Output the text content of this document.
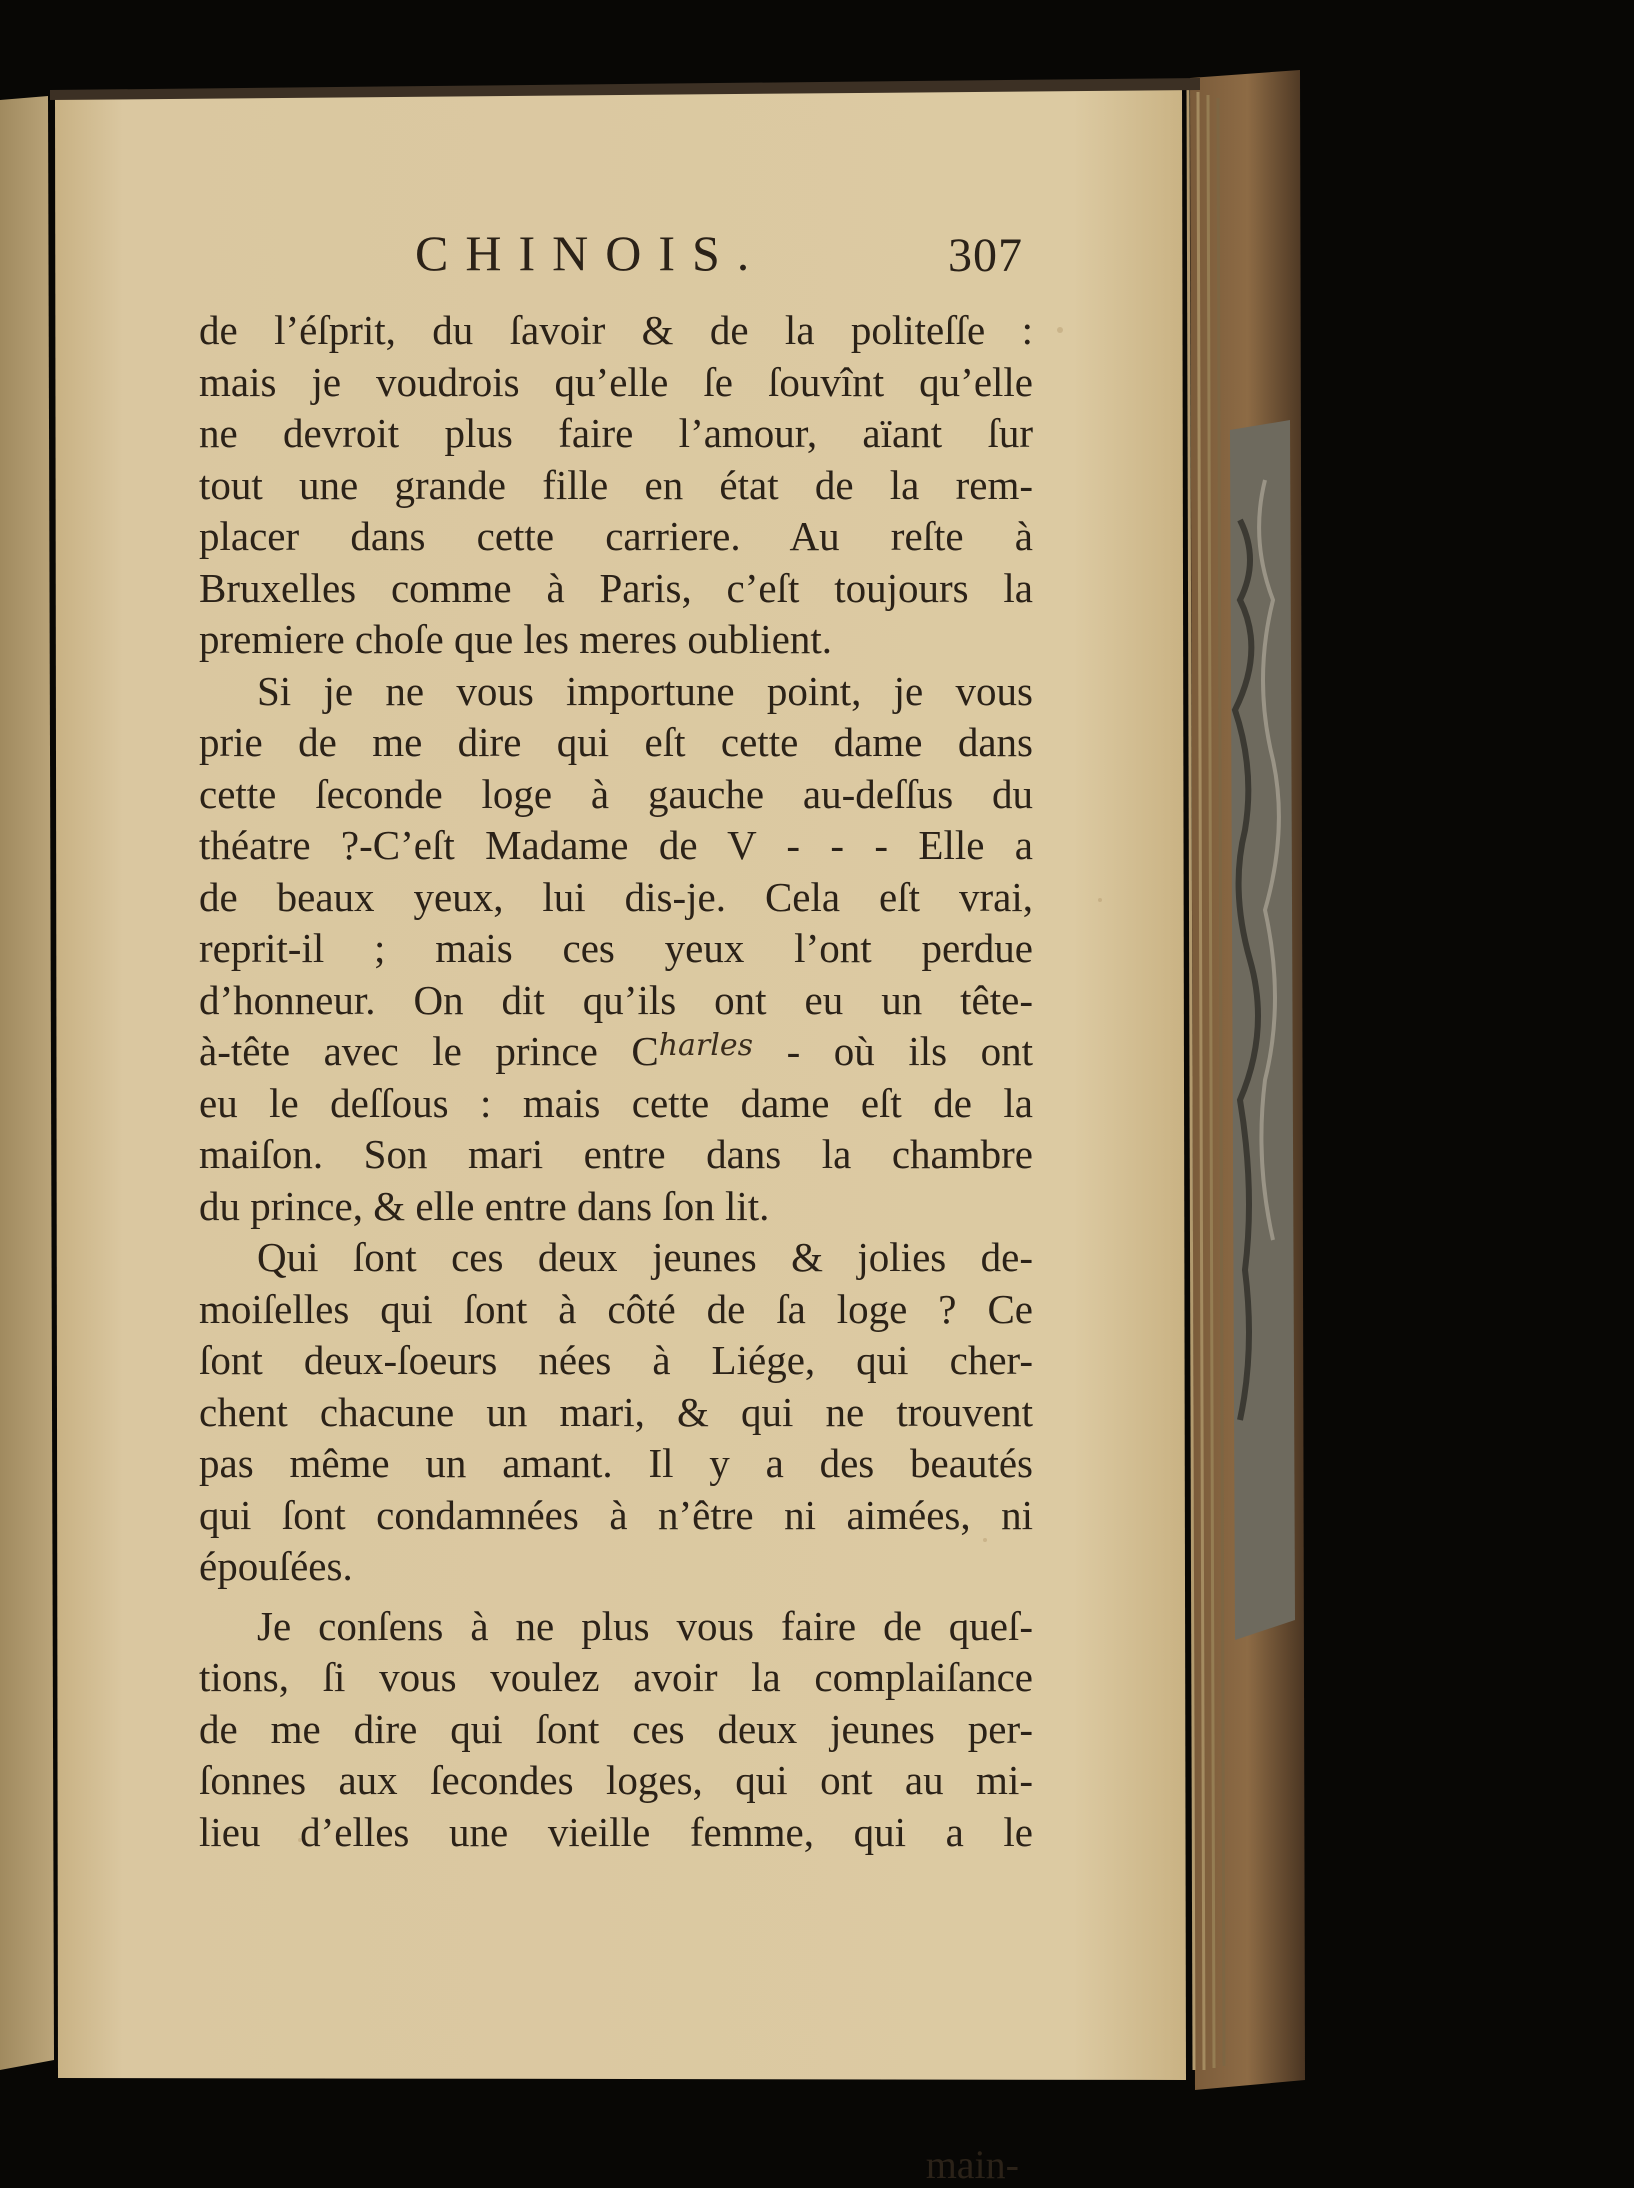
CHINOIS.	307
de l’éſprit, du ſavoir & de la politeſſe :
mais je voudrois qu’elle ſe ſouvînt qu’elle
ne devroit plus faire l’amour, aïant ſur
tout une grande fille en état de la rem-
placer dans cette carriere. Au reſte à
Bruxelles comme à Paris, c’eſt toujours la
premiere choſe que les meres oublient.
Si je ne vous importune point, je vous
prie de me dire qui eſt cette dame dans
cette ſeconde loge à gauche au-deſſus du
théatre ?-C’eſt Madame de V - - - Elle a
de beaux yeux, lui dis-je. Cela eſt vrai,
reprit-il ; mais ces yeux l’ont perdue
d’honneur. On dit qu’ils ont eu un tête-
à-tête avec le prince C$^{harles}$ - où ils ont
eu le deſſous : mais cette dame eſt de la
maiſon. Son mari entre dans la chambre
du prince, & elle entre dans ſon lit.
Qui ſont ces deux jeunes & jolies de-
moiſelles qui ſont à côté de ſa loge ? Ce
ſont deux-ſoeurs nées à Liége, qui cher-
chent chacune un mari, & qui ne trouvent
pas même un amant. Il y a des beautés
qui ſont condamnées à n’être ni aimées, ni
épouſées.
Je conſens à ne plus vous faire de queſ-
tions, ſi vous voulez avoir la complaiſance
de me dire qui ſont ces deux jeunes per-
ſonnes aux ſecondes loges, qui ont au mi-
lieu d’elles une vieille femme, qui a le
main-
